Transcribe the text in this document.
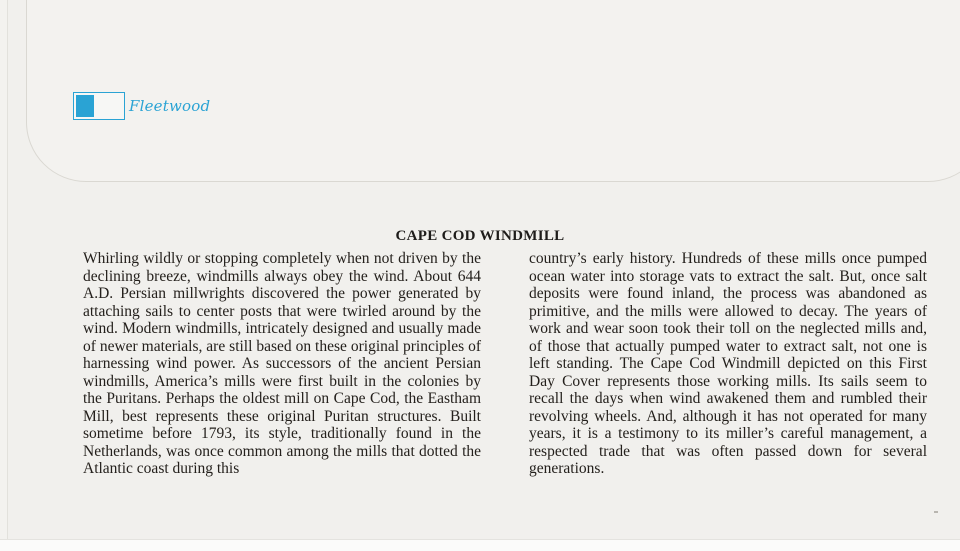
Fleetwood
CAPE COD WINDMILL

Whirling wildly or stopping completely when not driven by the declining breeze, windmills always obey the wind. About 644 A.D. Persian millwrights discovered the power generated by attaching sails to center posts that were twirled around by the wind. Modern windmills, intricately designed and usually made of newer materials, are still based on these original principles of harnessing wind power. As successors of the ancient Persian windmills, America’s mills were first built in the colonies by the Puritans. Perhaps the oldest mill on Cape Cod, the Eastham Mill, best represents these original Puritan structures. Built sometime before 1793, its style, traditionally found in the Netherlands, was once common among the mills that dotted the Atlantic coast during this

country’s early history. Hundreds of these mills once pumped ocean water into storage vats to extract the salt. But, once salt deposits were found inland, the process was abandoned as primitive, and the mills were allowed to decay. The years of work and wear soon took their toll on the neglected mills and, of those that actually pumped water to extract salt, not one is left standing. The Cape Cod Windmill depicted on this First Day Cover represents those working mills. Its sails seem to recall the days when wind awakened them and rumbled their revolving wheels. And, although it has not operated for many years, it is a testimony to its miller’s careful management, a respected trade that was often passed down for several generations.
